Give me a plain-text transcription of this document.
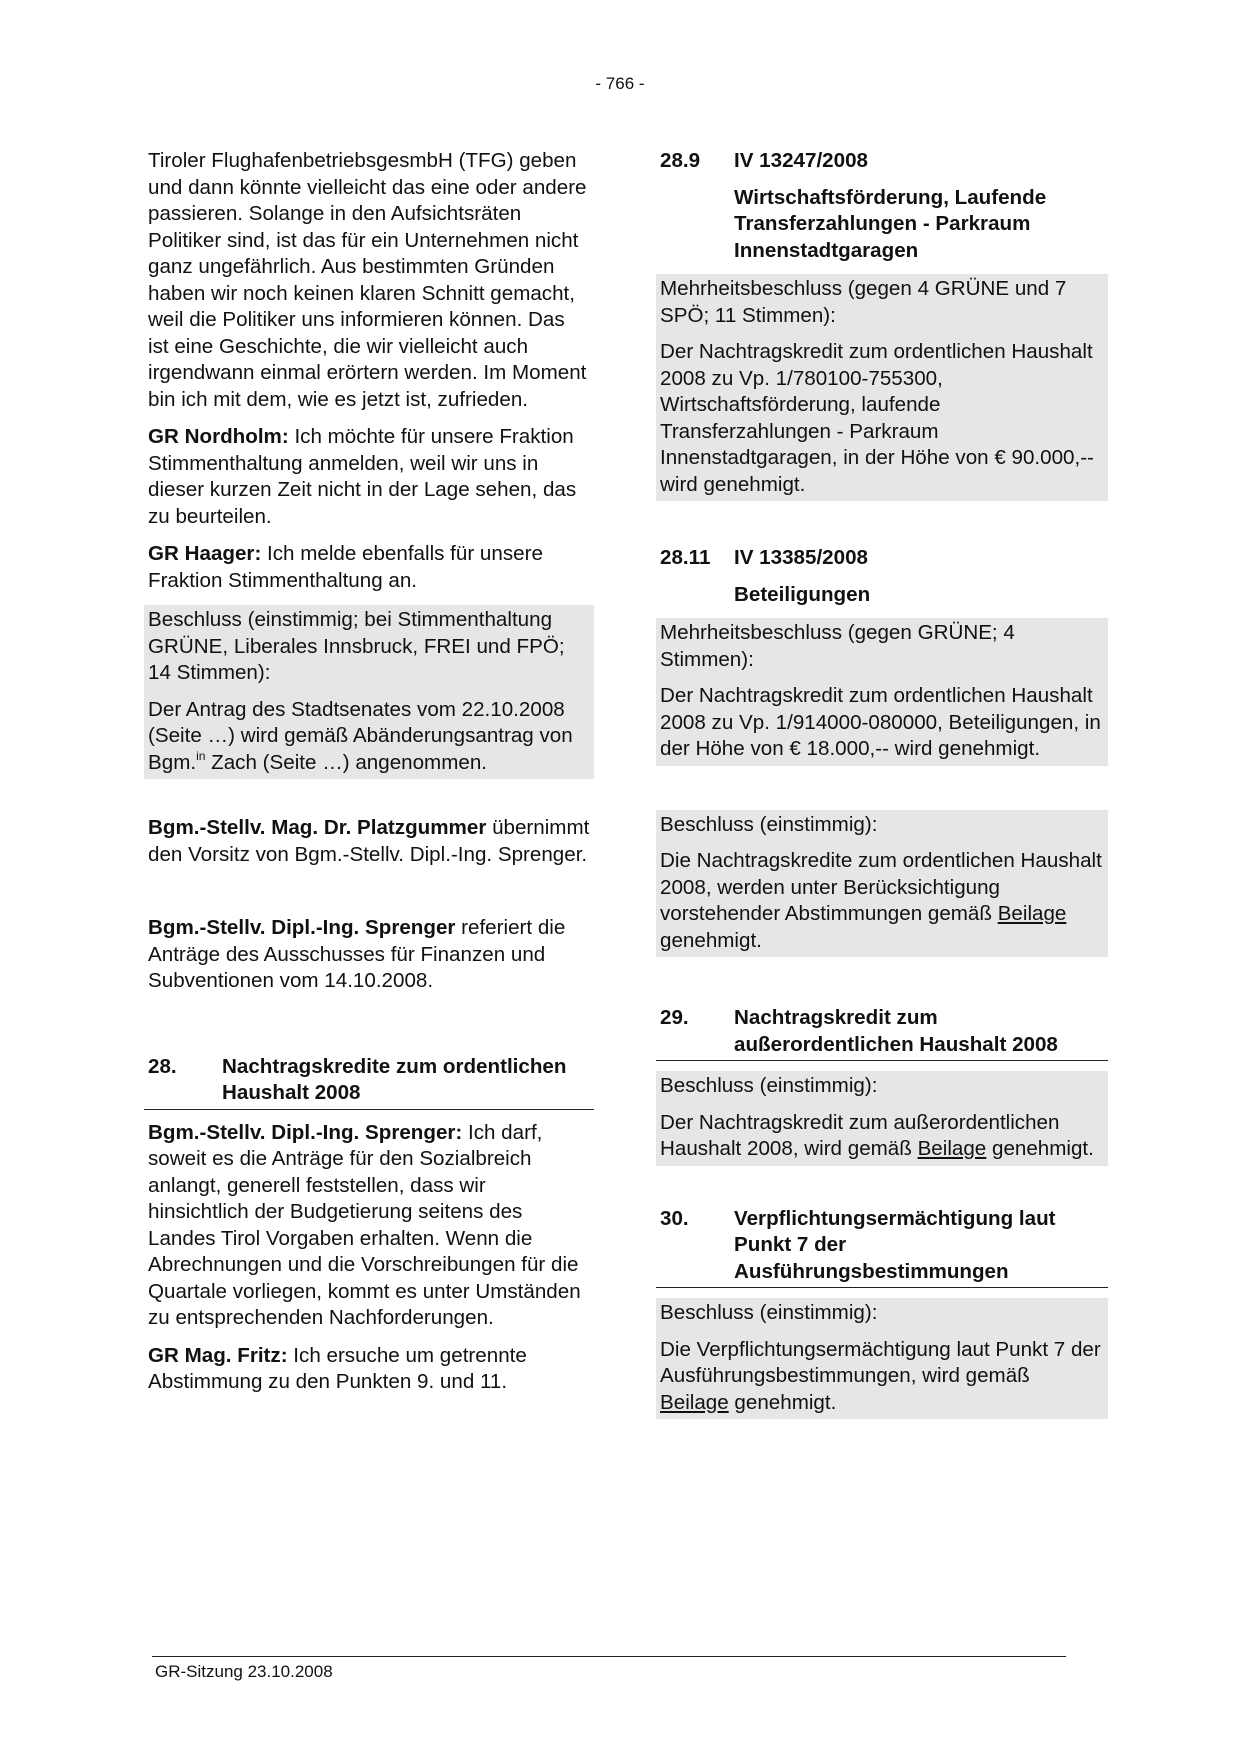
- 766 -

Tiroler FlughafenbetriebsgesmbH (TFG) geben und dann könnte vielleicht das eine oder andere passieren. Solange in den Aufsichtsräten Politiker sind, ist das für ein Unternehmen nicht ganz ungefährlich. Aus bestimmten Gründen haben wir noch keinen klaren Schnitt gemacht, weil die Politiker uns informieren können. Das ist eine Geschichte, die wir vielleicht auch irgendwann einmal erörtern werden. Im Moment bin ich mit dem, wie es jetzt ist, zufrieden.

GR Nordholm: Ich möchte für unsere Fraktion Stimmenthaltung anmelden, weil wir uns in dieser kurzen Zeit nicht in der Lage sehen, das zu beurteilen.

GR Haager: Ich melde ebenfalls für unsere Fraktion Stimmenthaltung an.

Beschluss (einstimmig; bei Stimmenthaltung GRÜNE, Liberales Innsbruck, FREI und FPÖ; 14 Stimmen):

Der Antrag des Stadtsenates vom 22.10.2008 (Seite …) wird gemäß Abänderungsantrag von Bgm.$^{in}$ Zach (Seite …) angenommen.

Bgm.-Stellv. Mag. Dr. Platzgummer übernimmt den Vorsitz von Bgm.-Stellv. Dipl.-Ing. Sprenger.

Bgm.-Stellv. Dipl.-Ing. Sprenger referiert die Anträge des Ausschusses für Finanzen und Subventionen vom 14.10.2008.

28.	Nachtragskredite zum ordentlichen Haushalt 2008

Bgm.-Stellv. Dipl.-Ing. Sprenger: Ich darf, soweit es die Anträge für den Sozialbreich anlangt, generell feststellen, dass wir hinsichtlich der Budgetierung seitens des Landes Tirol Vorgaben erhalten. Wenn die Abrechnungen und die Vorschreibungen für die Quartale vorliegen, kommt es unter Umständen zu entsprechenden Nachforderungen.

GR Mag. Fritz: Ich ersuche um getrennte Abstimmung zu den Punkten 9. und 11.

28.9	IV 13247/2008
Wirtschaftsförderung, Laufende Transferzahlungen - Parkraum Innenstadtgaragen

Mehrheitsbeschluss (gegen 4 GRÜNE und 7 SPÖ; 11 Stimmen):

Der Nachtragskredit zum ordentlichen Haushalt 2008 zu Vp. 1/780100-755300, Wirtschaftsförderung, laufende Transferzahlungen - Parkraum Innenstadtgaragen, in der Höhe von € 90.000,-- wird genehmigt.

28.11	IV 13385/2008
Beteiligungen

Mehrheitsbeschluss (gegen GRÜNE; 4 Stimmen):

Der Nachtragskredit zum ordentlichen Haushalt 2008 zu Vp. 1/914000-080000, Beteiligungen, in der Höhe von € 18.000,-- wird genehmigt.

Beschluss (einstimmig):

Die Nachtragskredite zum ordentlichen Haushalt 2008, werden unter Berücksichtigung vorstehender Abstimmungen gemäß Beilage genehmigt.

29.	Nachtragskredit zum außerordentlichen Haushalt 2008

Beschluss (einstimmig):

Der Nachtragskredit zum außerordentlichen Haushalt 2008, wird gemäß Beilage genehmigt.

30.	Verpflichtungsermächtigung laut Punkt 7 der Ausführungsbestimmungen

Beschluss (einstimmig):

Die Verpflichtungsermächtigung laut Punkt 7 der Ausführungsbestimmungen, wird gemäß Beilage genehmigt.

GR-Sitzung 23.10.2008
